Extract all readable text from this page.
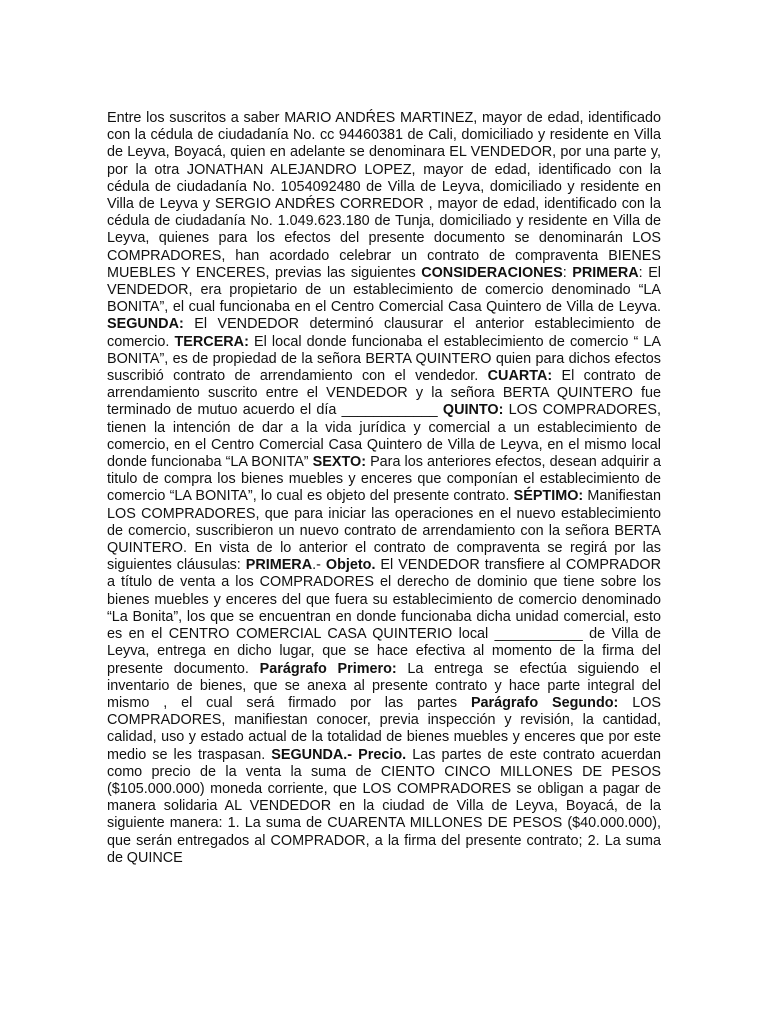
Entre los suscritos a saber MARIO ANDŔES MARTINEZ, mayor de edad, identificado con la cédula de ciudadanía No. cc 94460381 de Cali, domiciliado y residente en Villa de Leyva, Boyacá, quien en adelante se denominara EL VENDEDOR, por una parte y, por la otra JONATHAN ALEJANDRO LOPEZ, mayor de edad, identificado con la cédula de ciudadanía No. 1054092480 de Villa de Leyva, domiciliado y residente en Villa de Leyva y SERGIO ANDŔES CORREDOR , mayor de edad, identificado con la cédula de ciudadanía No. 1.049.623.180 de Tunja, domiciliado y residente en Villa de Leyva, quienes para los efectos del presente documento se denominarán LOS COMPRADORES, han acordado celebrar un contrato de compraventa BIENES MUEBLES Y ENCERES, previas las siguientes CONSIDERACIONES: PRIMERA: El VENDEDOR, era propietario de un establecimiento de comercio denominado “LA BONITA”, el cual funcionaba en el Centro Comercial Casa Quintero de Villa de Leyva. SEGUNDA: El VENDEDOR determinó clausurar el anterior establecimiento de comercio. TERCERA: El local donde funcionaba el establecimiento de comercio “ LA BONITA”, es de propiedad de la señora BERTA QUINTERO quien para dichos efectos suscribió contrato de arrendamiento con el vendedor. CUARTA: El contrato de arrendamiento suscrito entre el VENDEDOR y la señora BERTA QUINTERO fue terminado de mutuo acuerdo el día ____________ QUINTO: LOS COMPRADORES, tienen la intención de dar a la vida jurídica y comercial a un establecimiento de comercio, en el Centro Comercial Casa Quintero de Villa de Leyva, en el mismo local donde funcionaba “LA BONITA” SEXTO: Para los anteriores efectos, desean adquirir a titulo de compra los bienes muebles y enceres que componían el establecimiento de comercio “LA BONITA”, lo cual es objeto del presente contrato. SÉPTIMO: Manifiestan LOS COMPRADORES, que para iniciar las operaciones en el nuevo establecimiento de comercio, suscribieron un nuevo contrato de arrendamiento con la señora BERTA QUINTERO. En vista de lo anterior el contrato de compraventa se regirá por las siguientes cláusulas: PRIMERA.- Objeto. El VENDEDOR transfiere al COMPRADOR a título de venta a los COMPRADORES el derecho de dominio que tiene sobre los bienes muebles y enceres del que fuera su establecimiento de comercio denominado “La Bonita”, los que se encuentran en donde funcionaba dicha unidad comercial, esto es en el CENTRO COMERCIAL CASA QUINTERIO local ___________ de Villa de Leyva, entrega en dicho lugar, que se hace efectiva al momento de la firma del presente documento. Parágrafo Primero: La entrega se efectúa siguiendo el inventario de bienes, que se anexa al presente contrato y hace parte integral del mismo , el cual será firmado por las partes Parágrafo Segundo: LOS COMPRADORES, manifiestan conocer, previa inspección y revisión, la cantidad, calidad, uso y estado actual de la totalidad de bienes muebles y enceres que por este medio se les traspasan. SEGUNDA.- Precio. Las partes de este contrato acuerdan como precio de la venta la suma de CIENTO CINCO MILLONES DE PESOS ($105.000.000) moneda corriente, que LOS COMPRADORES se obligan a pagar de manera solidaria AL VENDEDOR en la ciudad de Villa de Leyva, Boyacá, de la siguiente manera: 1. La suma de CUARENTA MILLONES DE PESOS ($40.000.000), que serán entregados al COMPRADOR, a la firma del presente contrato; 2. La suma de QUINCE
